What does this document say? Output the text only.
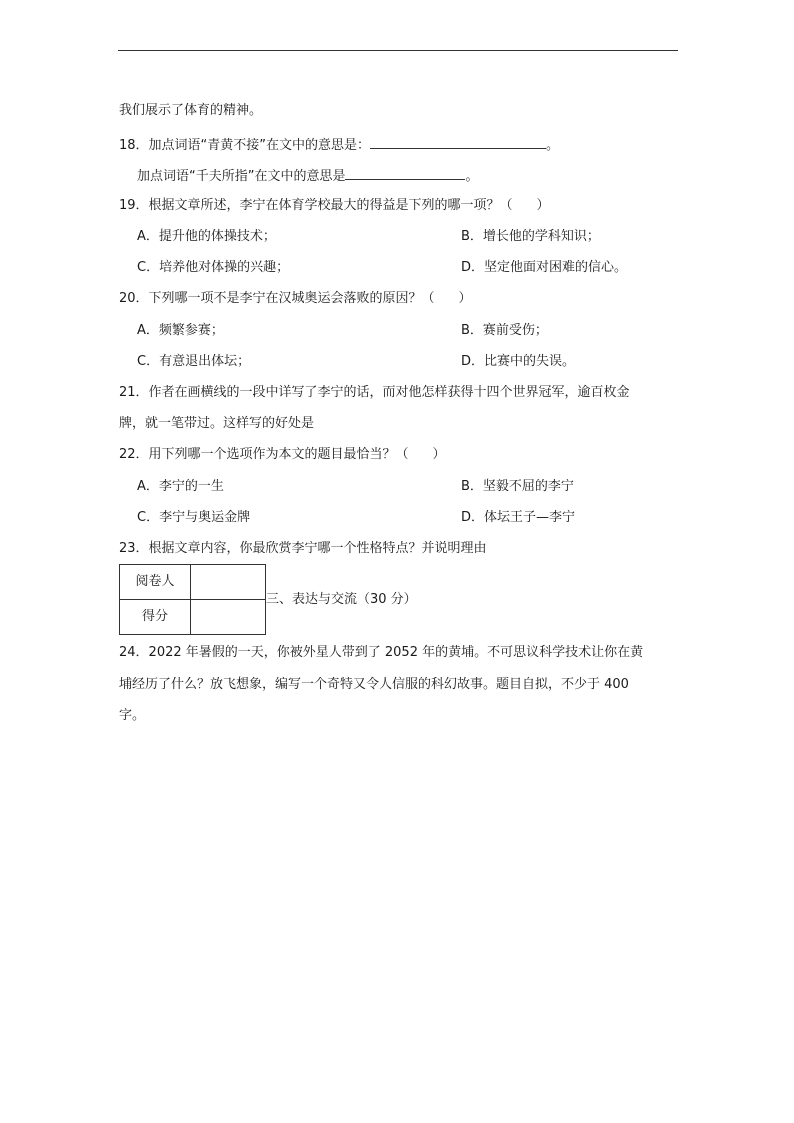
我们展示了体育的精神。
18．加点词语“青黄不接”在文中的意思是：	。
加点词语“千夫所指”在文中的意思是	。
19．根据文章所述，李宁在体育学校最大的得益是下列的哪一项？（ ）
A．提升他的体操技术；	B．增长他的学科知识；
C．培养他对体操的兴趣；	D．坚定他面对困难的信心。
20．下列哪一项不是李宁在汉城奥运会落败的原因？（ ）
A．频繁参赛；	B．赛前受伤；
C．有意退出体坛；	D．比赛中的失误。
21．作者在画横线的一段中详写了李宁的话，而对他怎样获得十四个世界冠军，逾百枚金
牌，就一笔带过。这样写的好处是
22．用下列哪一个选项作为本文的题目最恰当？（ ）
A．李宁的一生	B．坚毅不屈的李宁
C．李宁与奥运金牌	D．体坛王子—李宁
23．根据文章内容，你最欣赏李宁哪一个性格特点？并说明理由
阅卷人	
得分	
三、表达与交流（30 分）
24．2022 年暑假的一天，你被外星人带到了 2052 年的黄埔。不可思议科学技术让你在黄
埔经历了什么？放飞想象，编写一个奇特又令人信服的科幻故事。题目自拟，不少于 400
字。
